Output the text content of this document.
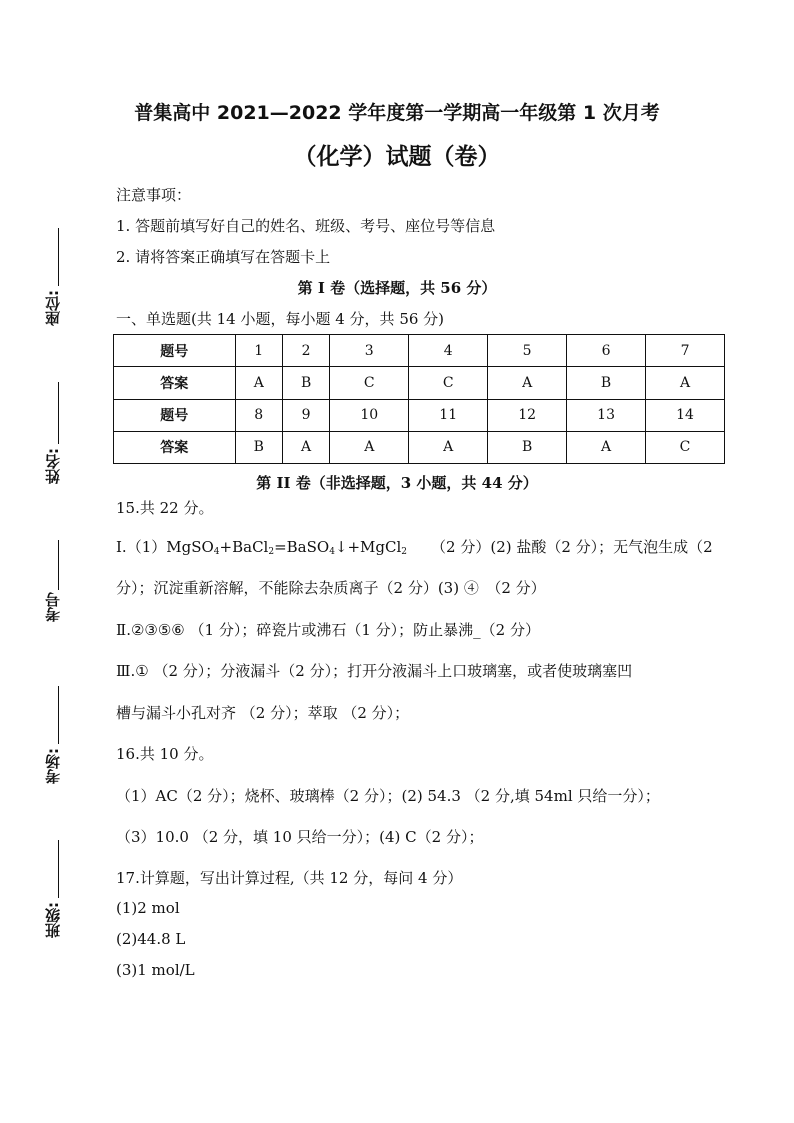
座位:
姓名:
考号
考场:
班级:
普集高中 2021—2022 学年度第一学期高一年级第 1 次月考
（化学）试题（卷）
注意事项：
1. 答题前填写好自己的姓名、班级、考号、座位号等信息
2. 请将答案正确填写在答题卡上
第 I 卷（选择题，共 56 分）
一、单选题(共 14 小题，每小题 4 分，共 56 分)
题号	1	2	3	4	5	6	7
答案	A	B	C	C	A	B	A
题号	8	9	10	11	12	13	14
答案	B	A	A	A	B	A	C
第 II 卷（非选择题，3 小题，共 44 分）
15.共 22 分。
I.（1）MgSO$_4$+BaCl$_2$=BaSO$_4$↓+MgCl$_2$ （2 分）(2) 盐酸（2 分）；无气泡生成（2
分）；沉淀重新溶解，不能除去杂质离子（2 分）(3) ④　（2 分）
Ⅱ.②③⑤⑥ （1 分）；碎瓷片或沸石（1 分）；防止暴沸_（2 分）
Ⅲ.① （2 分）；分液漏斗（2 分）；打开分液漏斗上口玻璃塞，或者使玻璃塞凹
槽与漏斗小孔对齐 （2 分）；萃取 （2 分）；
16.共 10 分。
（1）AC（2 分）；烧杯、玻璃棒（2 分）；(2) 54.3 （2 分,填 54ml 只给一分）；
（3）10.0 （2 分，填 10 只给一分）；(4) C（2 分）；
17.计算题，写出计算过程,（共 12 分，每问 4 分）
(1)2 mol
(2)44.8 L
(3)1 mol/L
